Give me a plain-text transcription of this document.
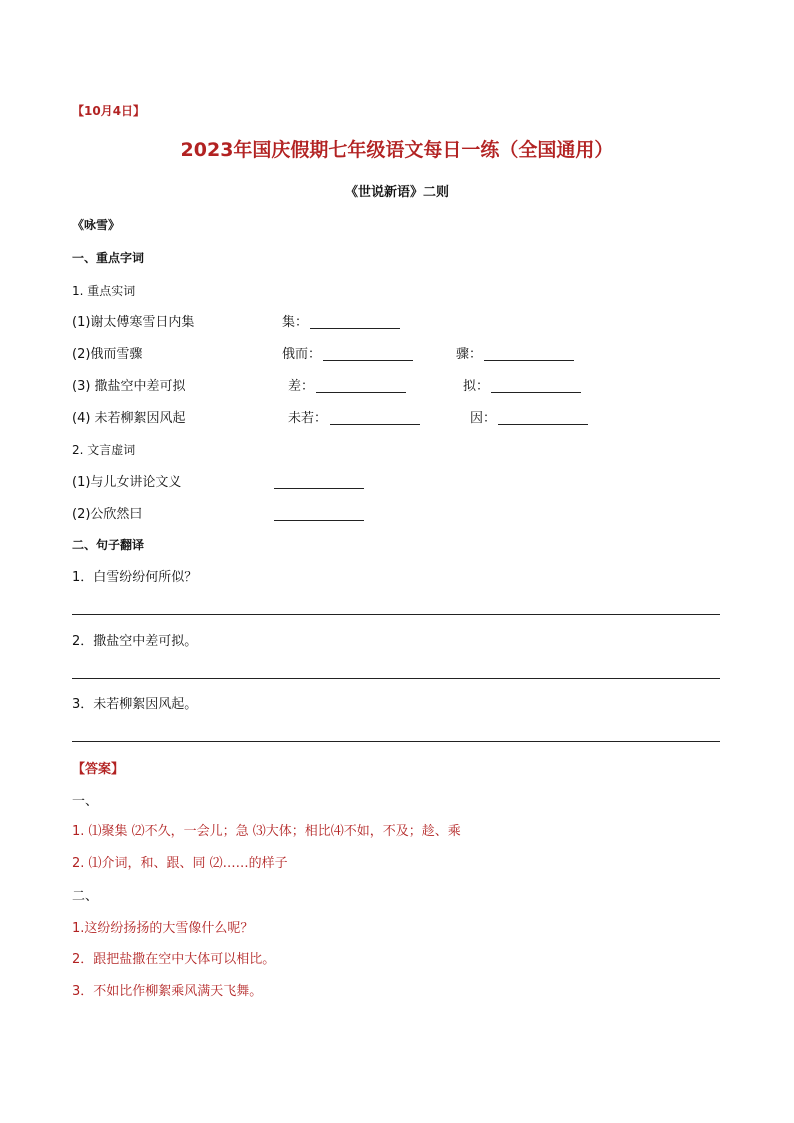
【10月4日】
2023年国庆假期七年级语文每日一练（全国通用）
《世说新语》二则
《咏雪》
一、重点字词
1. 重点实词
(1)谢太傅寒雪日内集	集：
(2)俄而雪骤	俄而：	骤：
(3) 撒盐空中差可拟	差：	拟：
(4) 未若柳絮因风起	未若：	因：
2. 文言虚词
(1)与儿女讲论文义
(2)公欣然曰
二、句子翻译
1．白雪纷纷何所似？
2．撒盐空中差可拟。
3．未若柳絮因风起。
【答案】
一、
1. ⑴聚集 ⑵不久，一会儿；急 ⑶大体；相比⑷不如，不及；趁、乘
2. ⑴介词，和、跟、同 ⑵……的样子
二、
1.这纷纷扬扬的大雪像什么呢？
2．跟把盐撒在空中大体可以相比。
3．不如比作柳絮乘风满天飞舞。
